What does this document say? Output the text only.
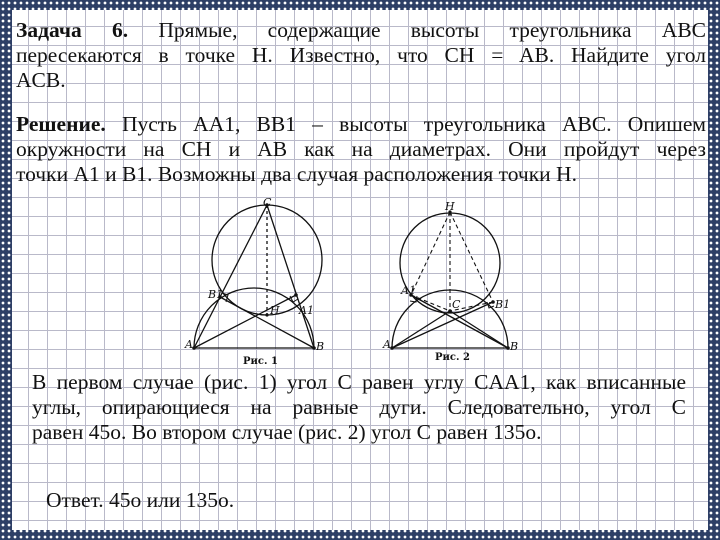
Задача 6. Прямые, содержащие высоты треугольника ABC
пересекаются в точке H. Известно, что CH = AB. Найдите угол
ACB.
Решение. Пусть AA1, BB1 – высоты треугольника ABC. Опишем
окружности на CH и AB как на диаметрах. Они пройдут через
точки A1 и B1. Возможны два случая расположения точки H.
C
B1
H A1
A	B
Рис. 1
H
A1
B1
C
A	B
Рис. 2
В первом случае (рис. 1) угол C равен углу CAA1, как вписанные
углы, опирающиеся на равные дуги. Следовательно, угол C
равен 45о. Во втором случае (рис. 2) угол C равен 135о.
Ответ. 45о или 135о.
